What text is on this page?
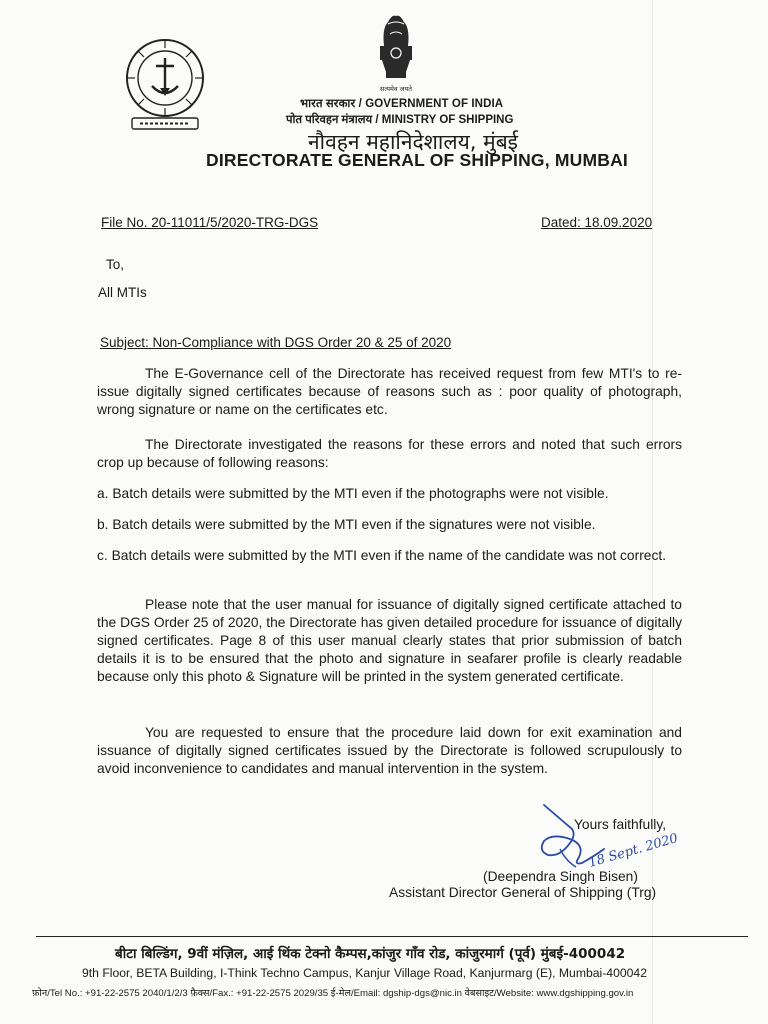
सत्यमेव जयते
भारत सरकार / GOVERNMENT OF INDIA
पोत परिवहन मंत्रालय / MINISTRY OF SHIPPING
नौवहन महानिदेशालय, मुंबई
DIRECTORATE GENERAL OF SHIPPING, MUMBAI
File No. 20-11011/5/2020-TRG-DGS	Dated: 18.09.2020
To,
All MTIs
Subject: Non-Compliance with DGS Order 20 & 25 of 2020
The E-Governance cell of the Directorate has received request from few MTI's to re-issue digitally signed certificates because of reasons such as : poor quality of photograph, wrong signature or name on the certificates etc.
The Directorate investigated the reasons for these errors and noted that such errors crop up because of following reasons:
a. Batch details were submitted by the MTI even if the photographs were not visible.
b. Batch details were submitted by the MTI even if the signatures were not visible.
c. Batch details were submitted by the MTI even if the name of the candidate was not correct.
Please note that the user manual for issuance of digitally signed certificate attached to the DGS Order 25 of 2020, the Directorate has given detailed procedure for issuance of digitally signed certificates. Page 8 of this user manual clearly states that prior submission of batch details it is to be ensured that the photo and signature in seafarer profile is clearly readable because only this photo & Signature will be printed in the system generated certificate.
You are requested to ensure that the procedure laid down for exit examination and issuance of digitally signed certificates issued by the Directorate is followed scrupulously to avoid inconvenience to candidates and manual intervention in the system.
18 Sept. 2020
Yours faithfully,
(Deependra Singh Bisen)
Assistant Director General of Shipping (Trg)
बीटा बिल्डिंग, 9वीं मंज़िल, आई थिंक टेक्नो कैम्पस,कांजुर गाँव रोड, कांजुरमार्ग (पूर्व) मुंबई-400042
9th Floor, BETA Building, I-Think Techno Campus, Kanjur Village Road, Kanjurmarg (E), Mumbai-400042
फ़ोन/Tel No.: +91-22-2575 2040/1/2/3 फ़ैक्स/Fax.: +91-22-2575 2029/35 ई-मेल/Email: dgship-dgs@nic.in वेबसाइट/Website: www.dgshipping.gov.in
